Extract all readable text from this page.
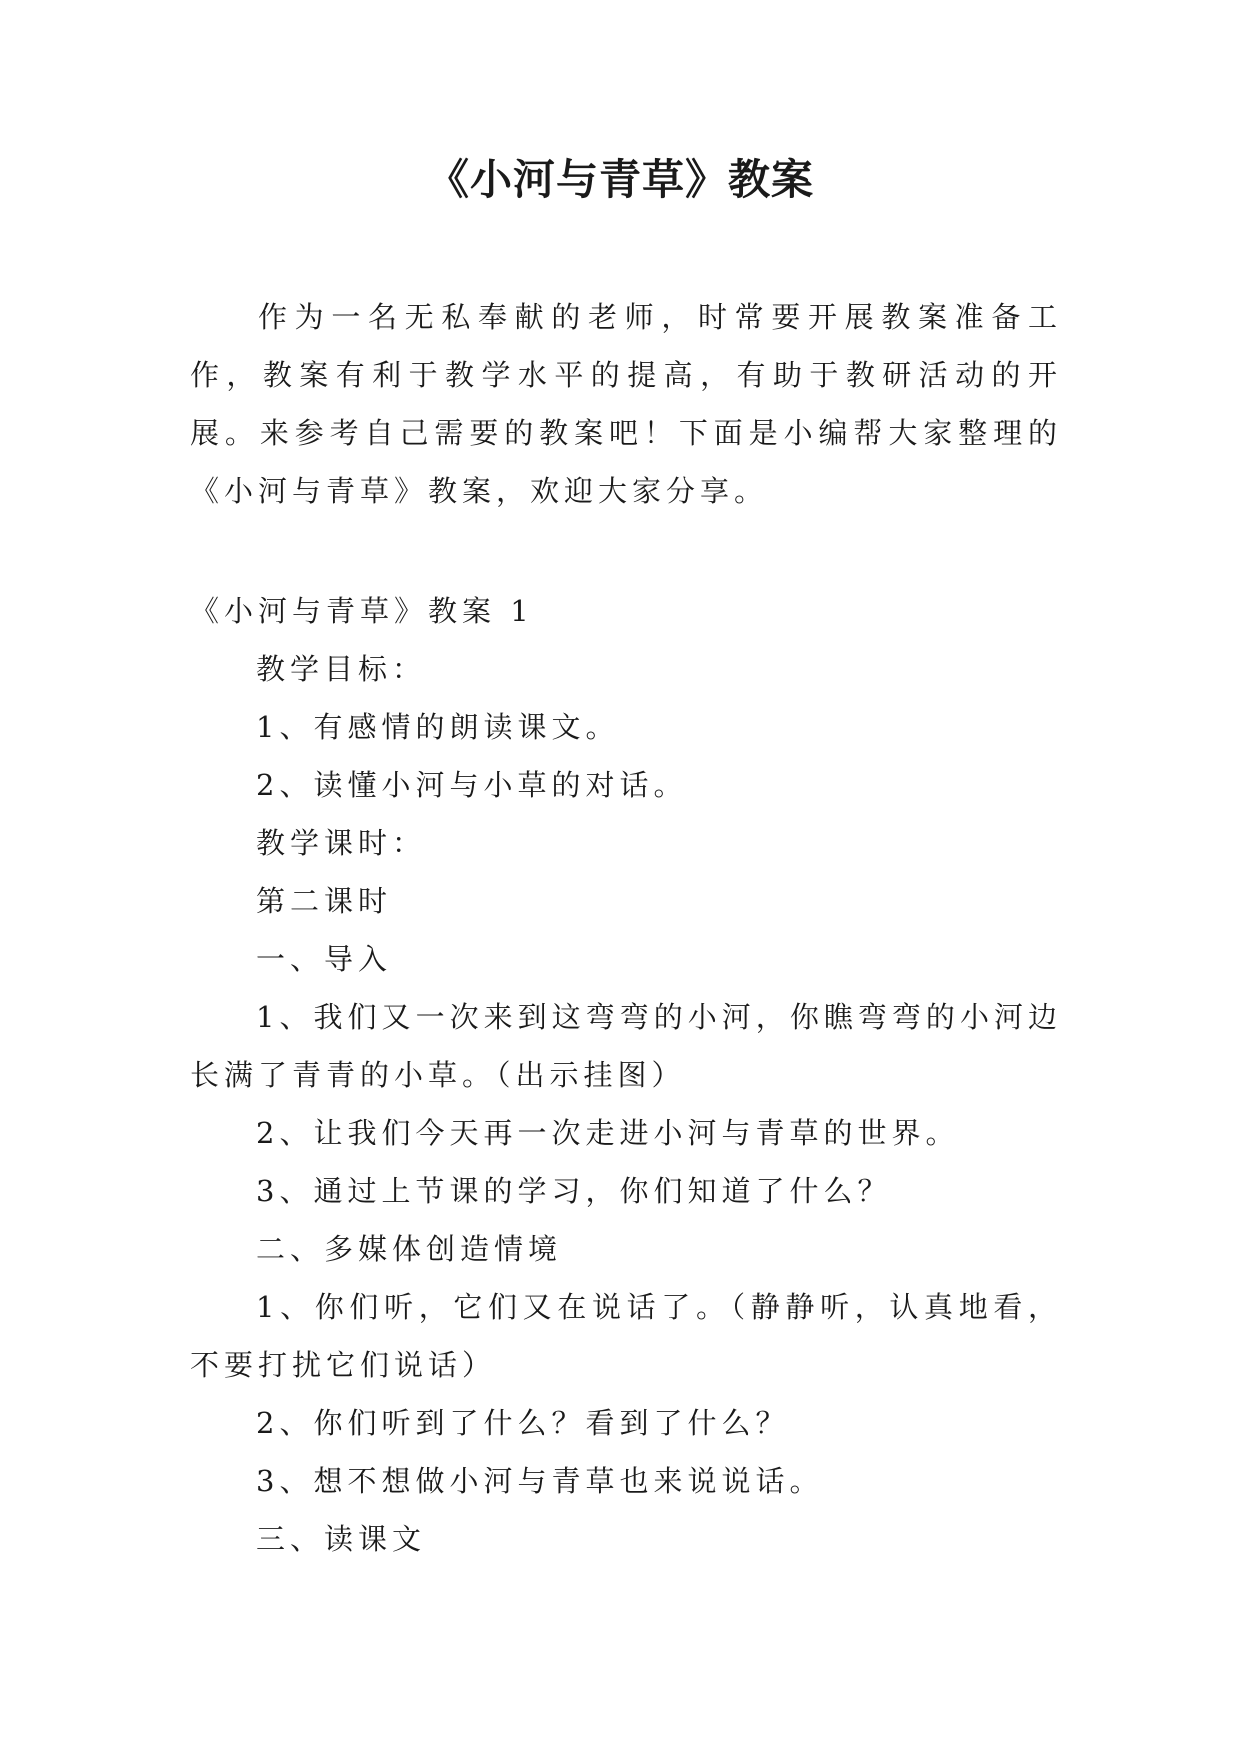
《小河与青草》教案

作为一名无私奉献的老师，时常要开展教案准备工作，教案有利于教学水平的提高，有助于教研活动的开展。来参考自己需要的教案吧！下面是小编帮大家整理的《小河与青草》教案，欢迎大家分享。

《小河与青草》教案 1

教学目标：

1、有感情的朗读课文。

2、读懂小河与小草的对话。

教学课时：

第二课时

一、导入

1、我们又一次来到这弯弯的小河，你瞧弯弯的小河边长满了青青的小草。（出示挂图）

2、让我们今天再一次走进小河与青草的世界。

3、通过上节课的学习，你们知道了什么？

二、多媒体创造情境

1、你们听，它们又在说话了。（静静听，认真地看，不要打扰它们说话）

2、你们听到了什么？看到了什么？

3、想不想做小河与青草也来说说话。

三、读课文
